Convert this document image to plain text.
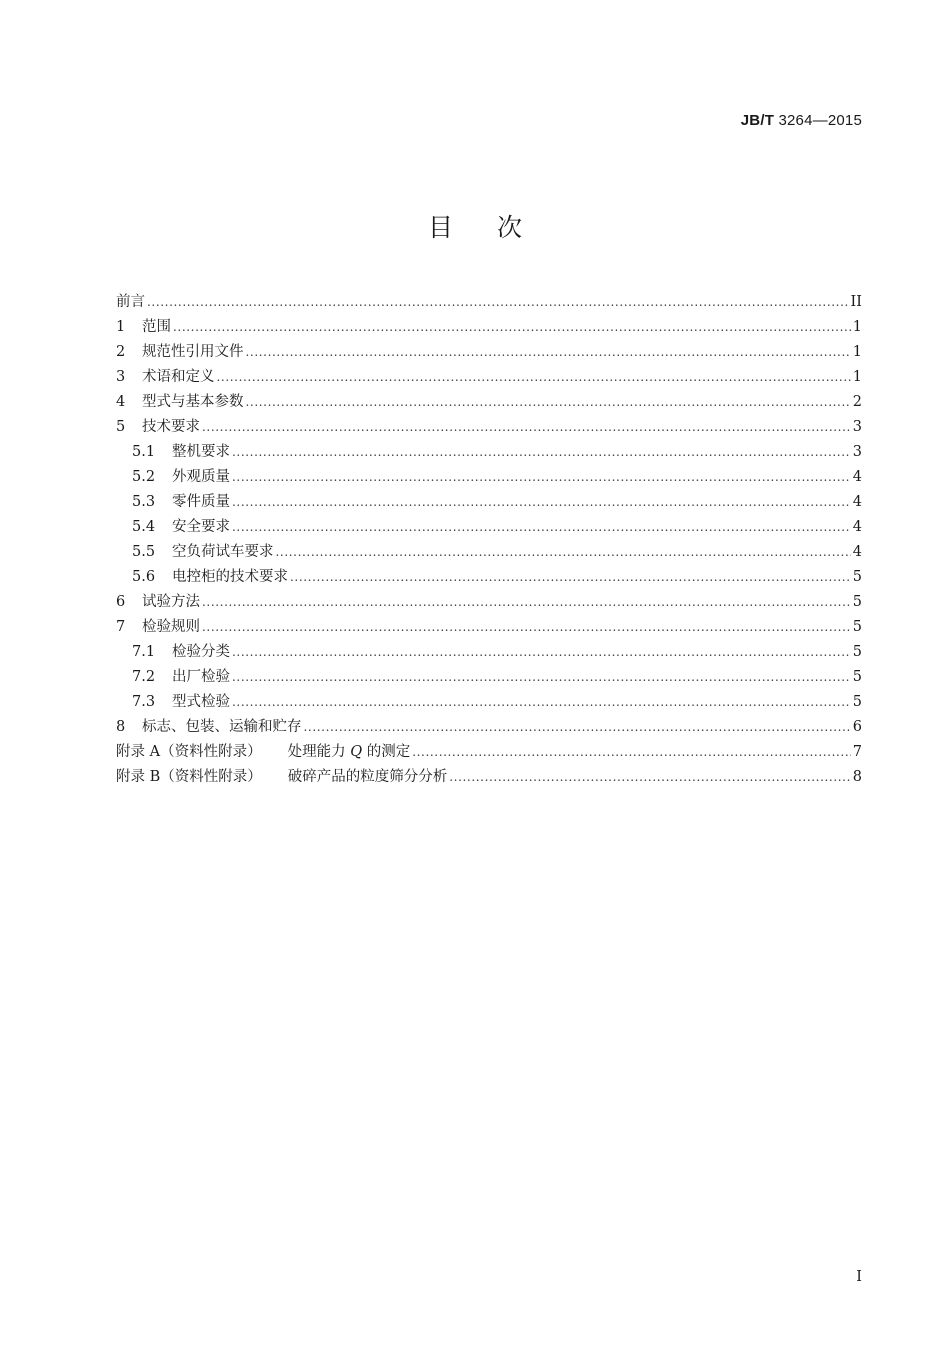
JB/T 3264—2015
目次
前言 .....	II
1	范围 .....	1
2	规范性引用文件 .....	1
3	术语和定义 .....	1
4	型式与基本参数 .....	2
5	技术要求 .....	3
5.1	整机要求 .....	3
5.2	外观质量 .....	4
5.3	零件质量 .....	4
5.4	安全要求 .....	4
5.5	空负荷试车要求 .....	4
5.6	电控柜的技术要求 .....	5
6	试验方法 .....	5
7	检验规则 .....	5
7.1	检验分类 .....	5
7.2	出厂检验 .....	5
7.3	型式检验 .....	5
8	标志、包装、运输和贮存 .....	6
附录 A（资料性附录） 处理能力 Q 的测定 .....	7
附录 B（资料性附录） 破碎产品的粒度筛分分析 .....	8
I
